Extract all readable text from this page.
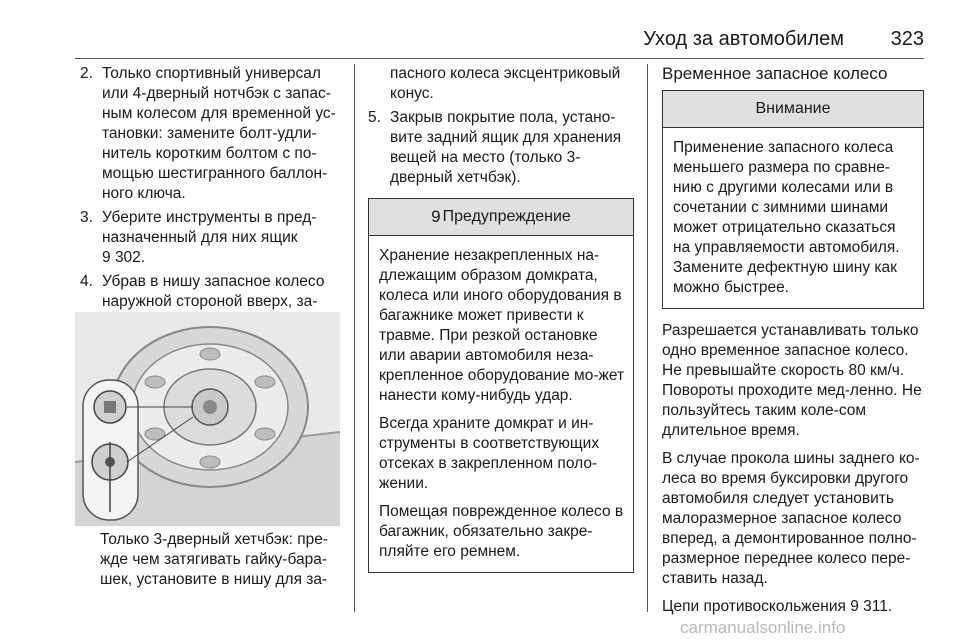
Уход за автомобилем 323
2. Только спортивный универсал или 4-дверный нотчбэк с запас-ным колесом для временной ус-тановки: замените болт-удли-нитель коротким болтом с по-мощью шестигранного баллон-ного ключа.
3. Уберите инструменты в пред-назначенный для них ящик
9 302.
4. Убрав в нишу запасное колесо наружной стороной вверх, за-
Только 3-дверный хетчбэк: пре-жде чем затягивать гайку-бара-шек, установите в нишу для за-
пасного колеса эксцентриковый конус.
5. Закрыв покрытие пола, устано-вите задний ящик для хранения вещей на место (только 3-дверный хетчбэк).
9 Предупреждение

Хранение незакрепленных на-длежащим образом домкрата, колеса или иного оборудования в багажнике может привести к травме. При резкой остановке или аварии автомобиля неза-крепленное оборудование мо-жет нанести кому-нибудь удар.

Всегда храните домкрат и ин-струменты в соответствующих отсеках в закрепленном поло-жении.

Помещая поврежденное колесо в багажник, обязательно закре-пляйте его ремнем.

Временное запасное колесо
Внимание

Применение запасного колеса меньшего размера по сравне-нию с другими колесами или в сочетании с зимними шинами может отрицательно сказаться на управляемости автомобиля. Замените дефектную шину как можно быстрее.

Разрешается устанавливать только одно временное запасное колесо. Не превышайте скорость 80 км/ч. Повороты проходите мед-ленно. Не пользуйтесь таким коле-сом длительное время.

В случае прокола шины заднего ко-леса во время буксировки другого автомобиля следует установить малоразмерное запасное колесо вперед, а демонтированное полно-размерное переднее колесо пере-ставить назад.

Цепи противоскольжения 9 311.

carmanualsonline.info
